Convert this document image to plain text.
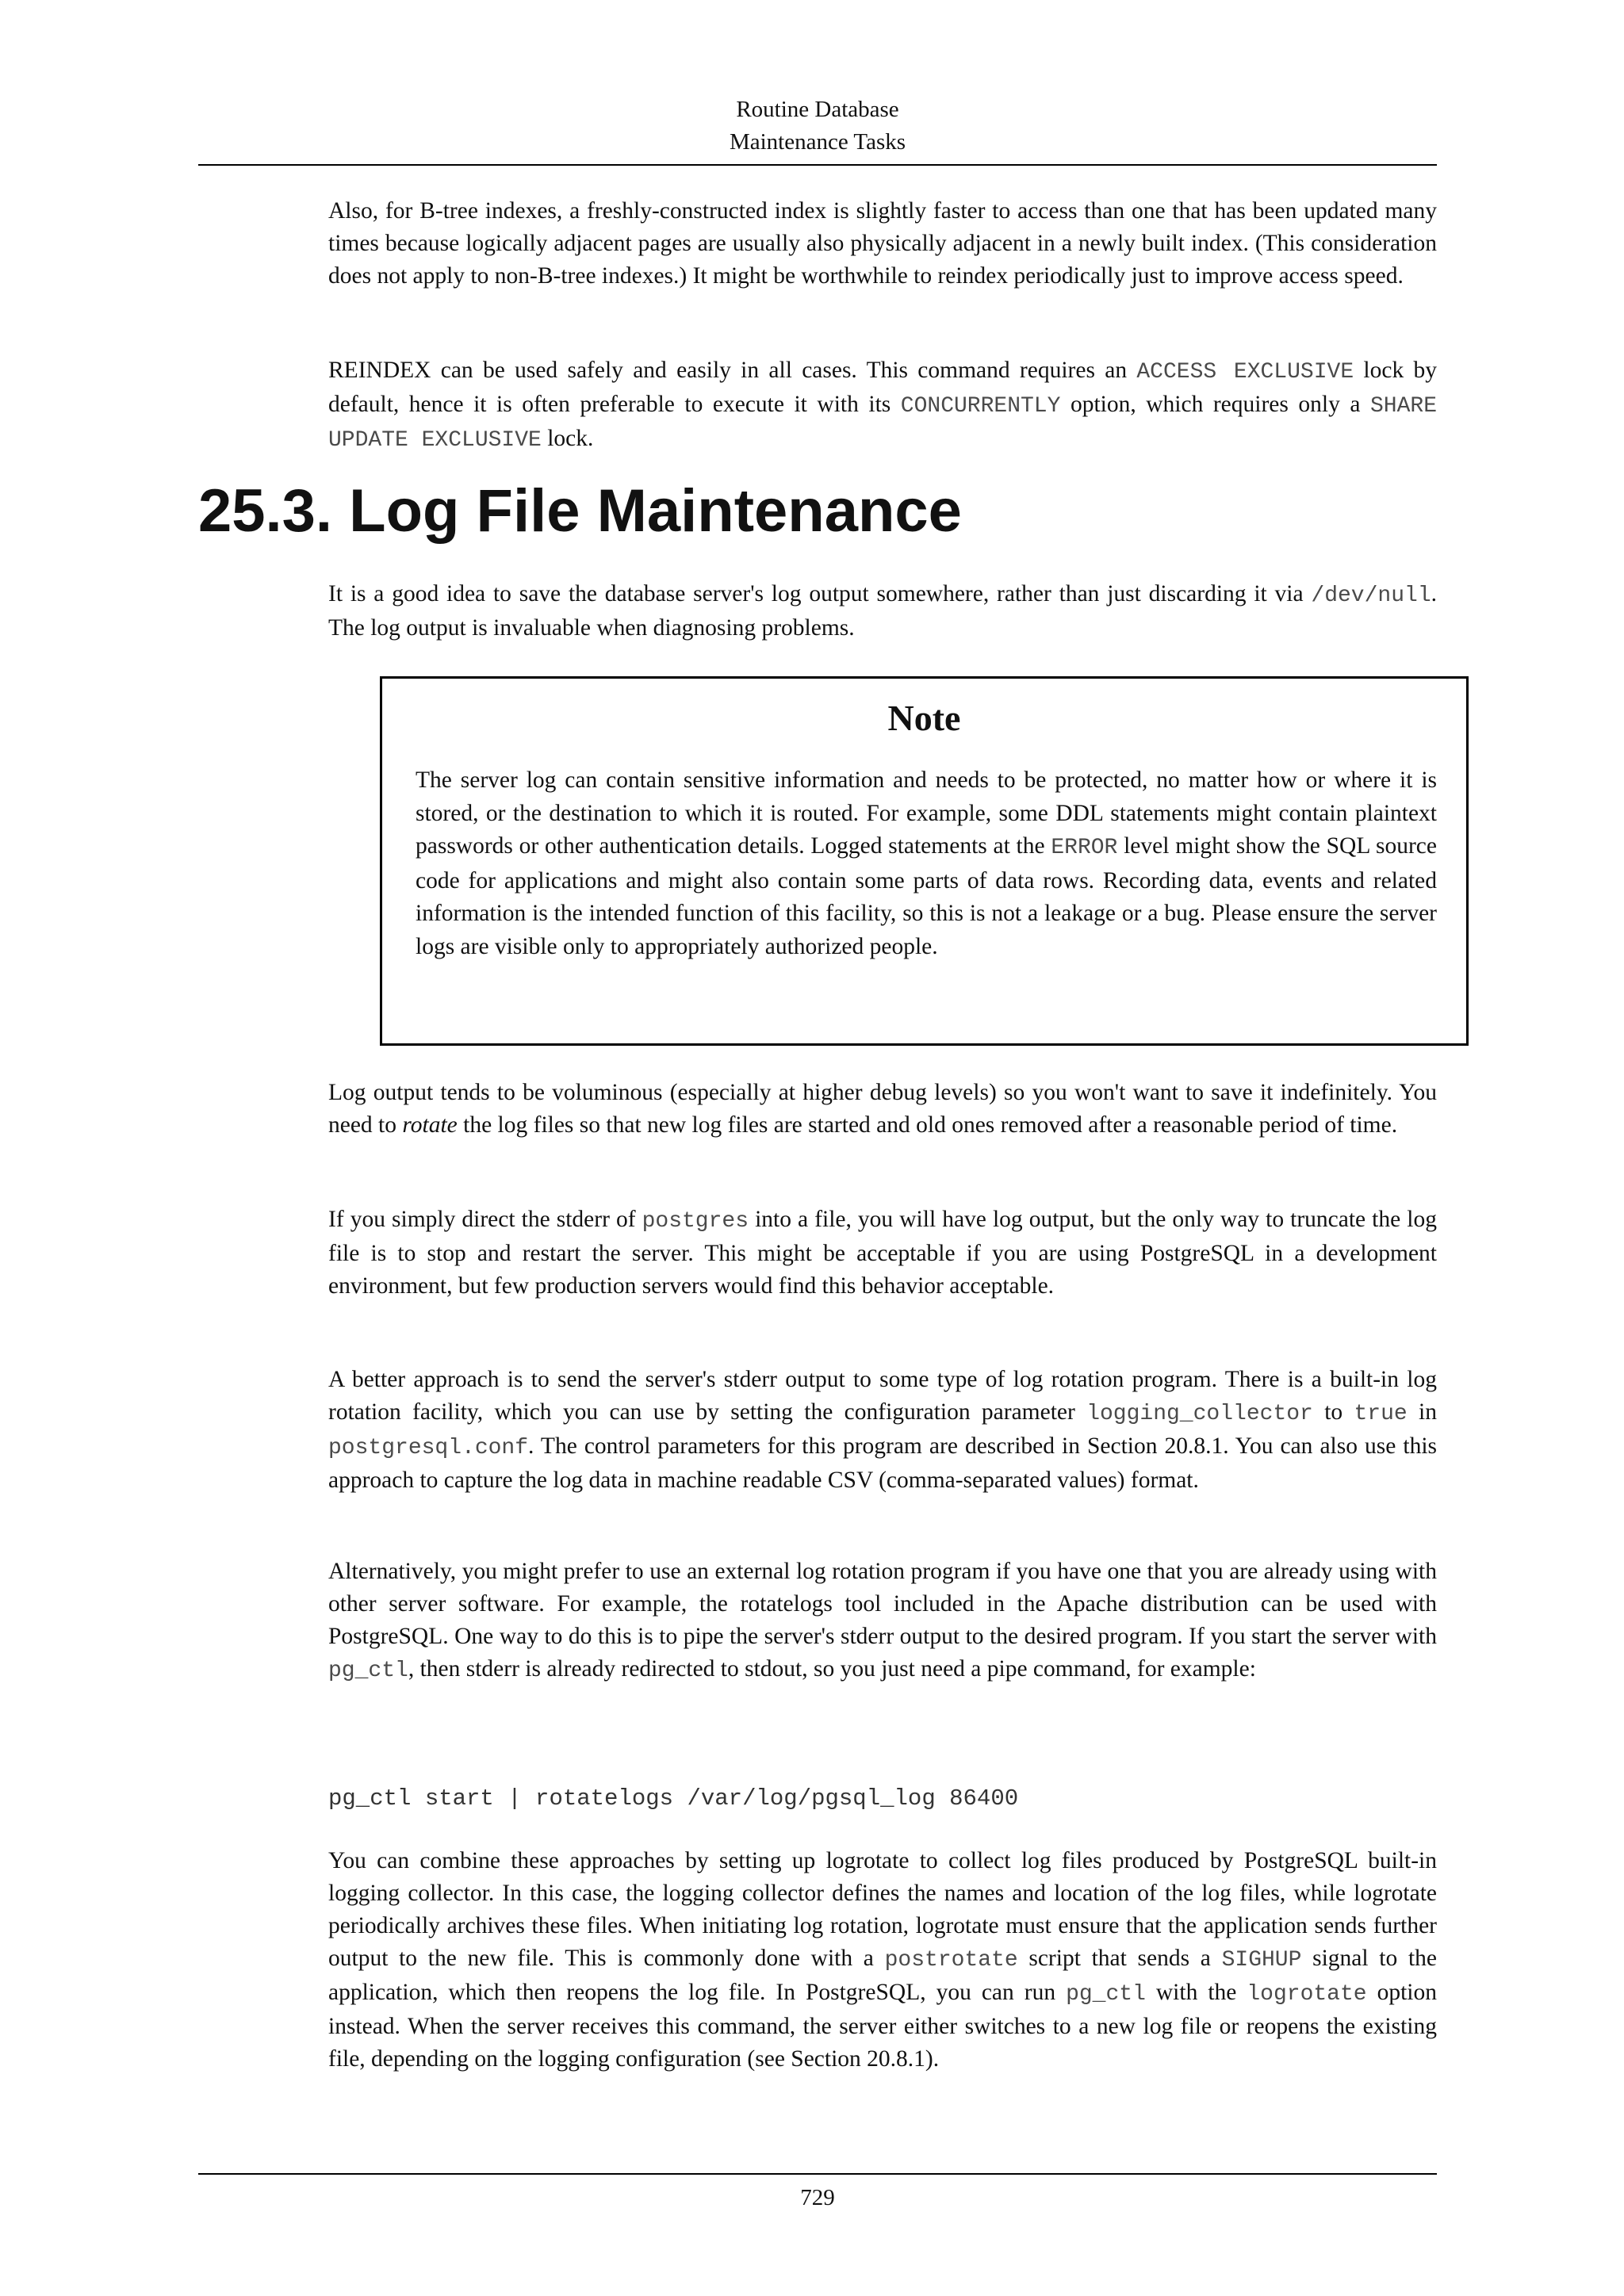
Routine Database
Maintenance Tasks

Also, for B-tree indexes, a freshly-constructed index is slightly faster to access than one that has been updated many times because logically adjacent pages are usually also physically adjacent in a newly built index. (This consideration does not apply to non-B-tree indexes.) It might be worthwhile to reindex periodically just to improve access speed.

REINDEX can be used safely and easily in all cases. This command requires an ACCESS EXCLUSIVE lock by default, hence it is often preferable to execute it with its CONCURRENTLY option, which requires only a SHARE UPDATE EXCLUSIVE lock.

25.3. Log File Maintenance

It is a good idea to save the database server's log output somewhere, rather than just discarding it via /dev/null. The log output is invaluable when diagnosing problems.

Note

The server log can contain sensitive information and needs to be protected, no matter how or where it is stored, or the destination to which it is routed. For example, some DDL statements might contain plaintext passwords or other authentication details. Logged statements at the ERROR level might show the SQL source code for applications and might also contain some parts of data rows. Recording data, events and related information is the intended function of this facility, so this is not a leakage or a bug. Please ensure the server logs are visible only to appropriately authorized people.

Log output tends to be voluminous (especially at higher debug levels) so you won't want to save it indefinitely. You need to rotate the log files so that new log files are started and old ones removed after a reasonable period of time.

If you simply direct the stderr of postgres into a file, you will have log output, but the only way to truncate the log file is to stop and restart the server. This might be acceptable if you are using PostgreSQL in a development environment, but few production servers would find this behavior acceptable.

A better approach is to send the server's stderr output to some type of log rotation program. There is a built-in log rotation facility, which you can use by setting the configuration parameter logging_collector to true in postgresql.conf. The control parameters for this program are described in Section 20.8.1. You can also use this approach to capture the log data in machine readable CSV (comma-separated values) format.

Alternatively, you might prefer to use an external log rotation program if you have one that you are already using with other server software. For example, the rotatelogs tool included in the Apache distribution can be used with PostgreSQL. One way to do this is to pipe the server's stderr output to the desired program. If you start the server with pg_ctl, then stderr is already redirected to stdout, so you just need a pipe command, for example:

pg_ctl start | rotatelogs /var/log/pgsql_log 86400

You can combine these approaches by setting up logrotate to collect log files produced by PostgreSQL built-in logging collector. In this case, the logging collector defines the names and location of the log files, while logrotate periodically archives these files. When initiating log rotation, logrotate must ensure that the application sends further output to the new file. This is commonly done with a postrotate script that sends a SIGHUP signal to the application, which then reopens the log file. In PostgreSQL, you can run pg_ctl with the logrotate option instead. When the server receives this command, the server either switches to a new log file or reopens the existing file, depending on the logging configuration (see Section 20.8.1).

729
